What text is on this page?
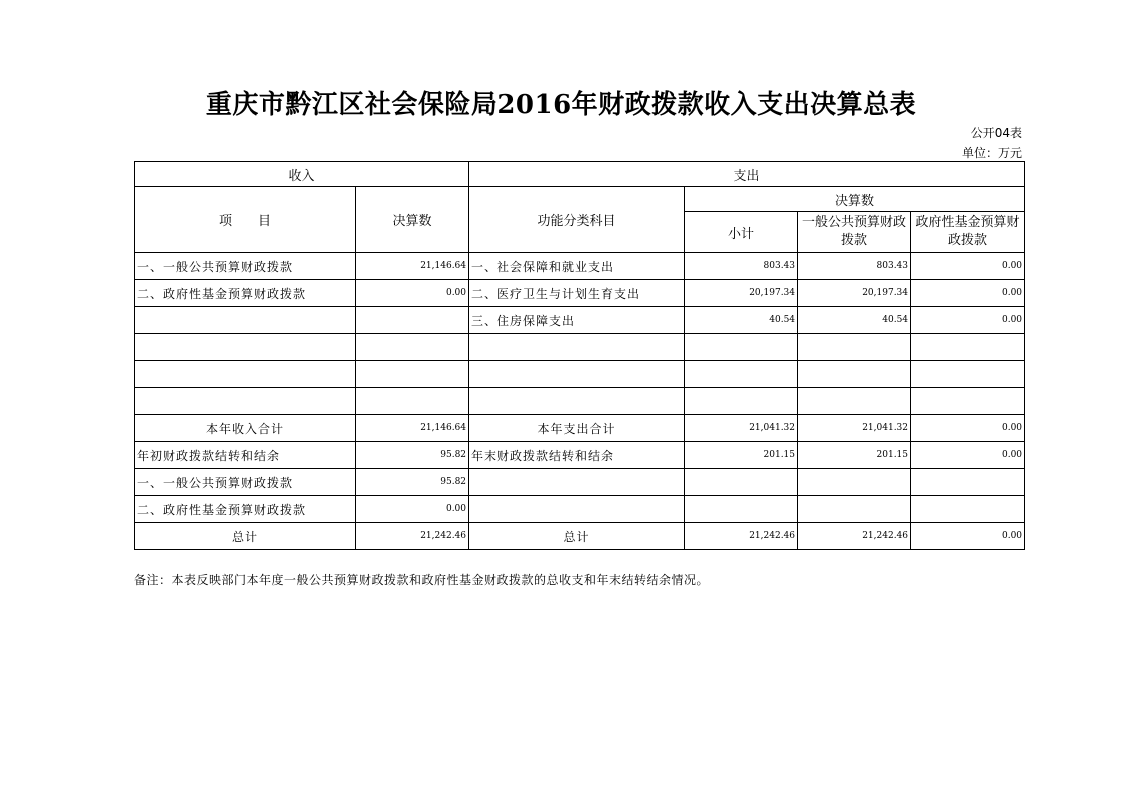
重庆市黔江区社会保险局2016年财政拨款收入支出决算总表
公开04表
单位：万元
收入		支出			
项　　目	决算数	功能分类科目	决算数		
			小计	一般公共预算财政拨款	政府性基金预算财政拨款
一、一般公共预算财政拨款	21,146.64	一、社会保障和就业支出	803.43	803.43	0.00
二、政府性基金预算财政拨款	0.00	二、医疗卫生与计划生育支出	20,197.34	20,197.34	0.00
		三、住房保障支出	40.54	40.54	0.00

本年收入合计	21,146.64	本年支出合计	21,041.32	21,041.32	0.00
年初财政拨款结转和结余	95.82	年末财政拨款结转和结余	201.15	201.15	0.00
一、一般公共预算财政拨款	95.82				
二、政府性基金预算财政拨款	0.00				
总计	21,242.46	总计	21,242.46	21,242.46	0.00
备注：本表反映部门本年度一般公共预算财政拨款和政府性基金财政拨款的总收支和年末结转结余情况。
